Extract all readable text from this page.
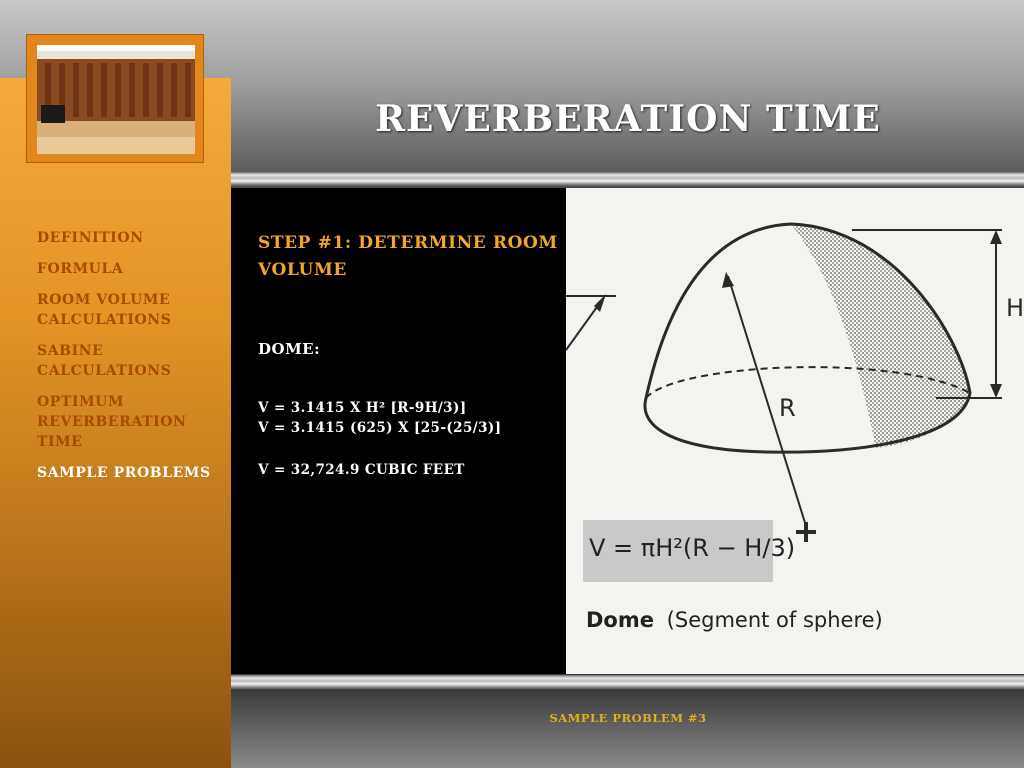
REVERBERATION TIME
DEFINITION
FORMULA
ROOM VOLUME CALCULATIONS
SABINE CALCULATIONS
OPTIMUM REVERBERATION TIME
SAMPLE PROBLEMS
STEP #1: DETERMINE ROOM VOLUME
DOME:
V = 3.1415 X H² [R-9H/3)]
V = 3.1415 (625) X [25-(25/3)]
V = 32,724.9 CUBIC FEET
H
R
V = πH²(R − H/3)
Dome (Segment of sphere)
SAMPLE PROBLEM #3
